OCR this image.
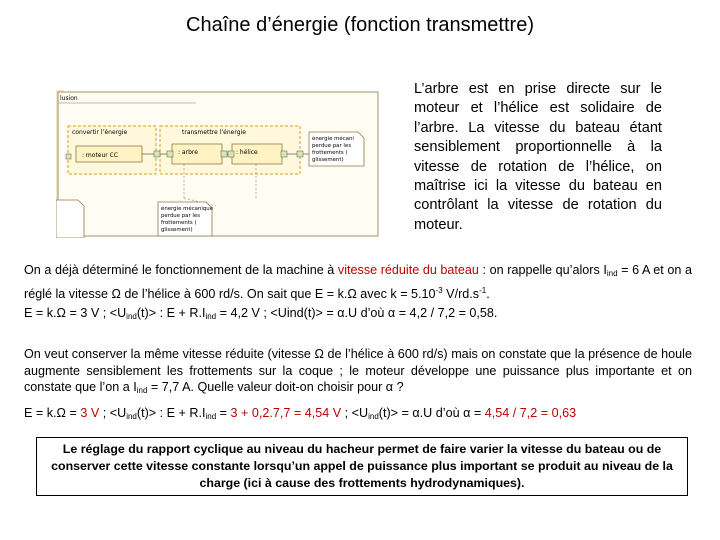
Chaîne d’énergie (fonction transmettre)
lusion
convertir l’énergie
: moteur CC
transmettre l’énergie
: arbre	: hélice
énergie mécani perdue par les frottements ( glissement)
énergie mécanique perdue par les frottements ( glissement)
L’arbre est en prise directe sur le moteur et l’hélice est solidaire de l’arbre. La vitesse du bateau étant sensiblement proportionnelle à la vitesse de rotation de l’hélice, on maîtrise ici la vitesse du bateau en contrôlant la vitesse de rotation du moteur.
On a déjà déterminé le fonctionnement de la machine à vitesse réduite du bateau : on rappelle qu’alors $I_{ind} = 6$ A et on a réglé la vitesse Ω de l’hélice à 600 rd/s. On sait que E = k.Ω avec $k = 5.10^{-3}$ $V/rd.s^{-1}$.
E = k.Ω = 3 V ; $<U_{ind}(t)>$ : $E + R.I_{ind} = 4,2$ V ; <Uind(t)> = α.U d’où α = 4,2 / 7,2 = 0,58.
On veut conserver la même vitesse réduite (vitesse Ω de l’hélice à 600 rd/s) mais on constate que la présence de houle augmente sensiblement les frottements sur la coque ; le moteur développe une puissance plus importante et on constate que l’on a $I_{ind} = 7,7$ A. Quelle valeur doit-on choisir pour α ?
E = k.Ω = 3 V ; $<U_{ind}(t)>$ : $E + R.I_{ind} = 3 + 0,2.7,7 = 4,54$ V ; $<U_{ind}(t)> = \alpha.U$ d’où α = 4,54 / 7,2 = 0,63
Le réglage du rapport cyclique au niveau du hacheur permet de faire varier la vitesse du bateau ou de conserver cette vitesse constante lorsqu’un appel de puissance plus important se produit au niveau de la charge (ici à cause des frottements hydrodynamiques).
